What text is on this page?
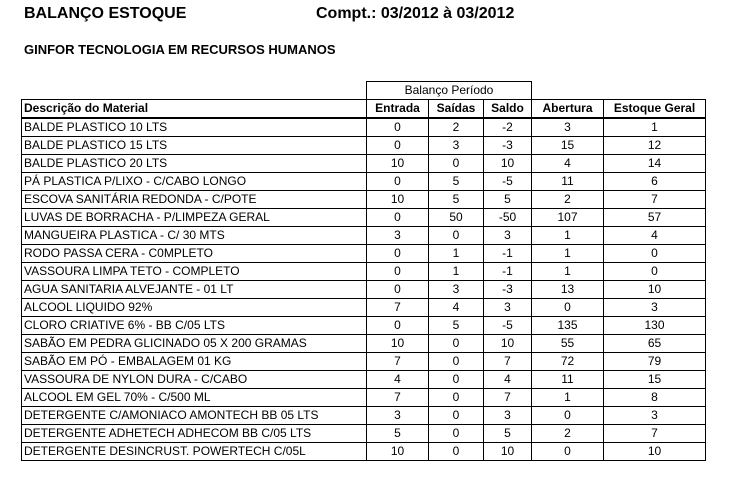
BALANÇO ESTOQUE	Compt.: 03/2012 à 03/2012
GINFOR TECNOLOGIA EM RECURSOS HUMANOS
	Balanço Período				
Descrição do Material	Entrada	Saídas	Saldo	Abertura	Estoque Geral
BALDE PLASTICO 10 LTS	0	2	-2	3	1
BALDE PLASTICO 15 LTS	0	3	-3	15	12
BALDE PLASTICO 20 LTS	10	0	10	4	14
PÁ PLASTICA P/LIXO - C/CABO LONGO	0	5	-5	11	6
ESCOVA SANITÁRIA REDONDA - C/POTE	10	5	5	2	7
LUVAS DE BORRACHA - P/LIMPEZA GERAL	0	50	-50	107	57
MANGUEIRA PLASTICA - C/ 30 MTS	3	0	3	1	4
RODO PASSA CERA - C0MPLETO	0	1	-1	1	0
VASSOURA LIMPA TETO - COMPLETO	0	1	-1	1	0
AGUA SANITARIA ALVEJANTE - 01 LT	0	3	-3	13	10
ALCOOL LIQUIDO 92%	7	4	3	0	3
CLORO CRIATIVE 6% - BB C/05 LTS	0	5	-5	135	130
SABÃO EM PEDRA GLICINADO 05 X 200 GRAMAS	10	0	10	55	65
SABÃO EM PÓ - EMBALAGEM 01 KG	7	0	7	72	79
VASSOURA DE NYLON DURA - C/CABO	4	0	4	11	15
ALCOOL EM GEL 70% - C/500 ML	7	0	7	1	8
DETERGENTE C/AMONIACO AMONTECH BB 05 LTS	3	0	3	0	3
DETERGENTE ADHETECH ADHECOM BB C/05 LTS	5	0	5	2	7
DETERGENTE DESINCRUST. POWERTECH C/05L	10	0	10	0	10
